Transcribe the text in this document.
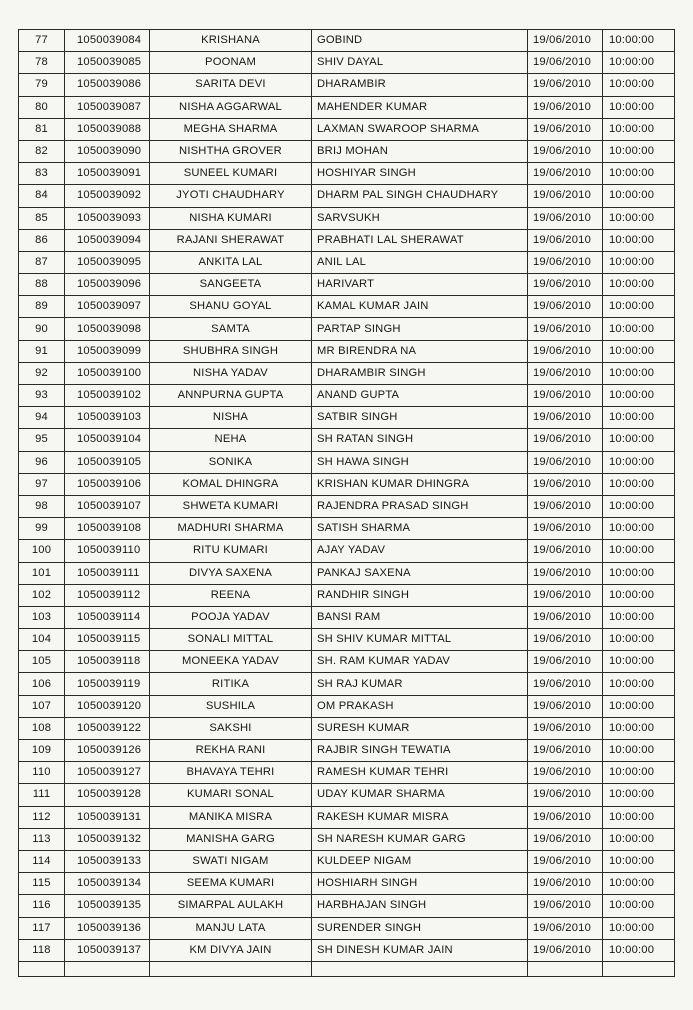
77	1050039084	KRISHANA	GOBIND	19/06/2010	10:00:00
78	1050039085	POONAM	SHIV DAYAL	19/06/2010	10:00:00
79	1050039086	SARITA DEVI	DHARAMBIR	19/06/2010	10:00:00
80	1050039087	NISHA AGGARWAL	MAHENDER KUMAR	19/06/2010	10:00:00
81	1050039088	MEGHA SHARMA	LAXMAN SWAROOP SHARMA	19/06/2010	10:00:00
82	1050039090	NISHTHA GROVER	BRIJ MOHAN	19/06/2010	10:00:00
83	1050039091	SUNEEL KUMARI	HOSHIYAR SINGH	19/06/2010	10:00:00
84	1050039092	JYOTI CHAUDHARY	DHARM PAL SINGH CHAUDHARY	19/06/2010	10:00:00
85	1050039093	NISHA KUMARI	SARVSUKH	19/06/2010	10:00:00
86	1050039094	RAJANI SHERAWAT	PRABHATI LAL SHERAWAT	19/06/2010	10:00:00
87	1050039095	ANKITA LAL	ANIL LAL	19/06/2010	10:00:00
88	1050039096	SANGEETA	HARIVART	19/06/2010	10:00:00
89	1050039097	SHANU GOYAL	KAMAL KUMAR JAIN	19/06/2010	10:00:00
90	1050039098	SAMTA	PARTAP SINGH	19/06/2010	10:00:00
91	1050039099	SHUBHRA SINGH	MR BIRENDRA NA	19/06/2010	10:00:00
92	1050039100	NISHA YADAV	DHARAMBIR SINGH	19/06/2010	10:00:00
93	1050039102	ANNPURNA GUPTA	ANAND GUPTA	19/06/2010	10:00:00
94	1050039103	NISHA	SATBIR SINGH	19/06/2010	10:00:00
95	1050039104	NEHA	SH RATAN SINGH	19/06/2010	10:00:00
96	1050039105	SONIKA	SH HAWA SINGH	19/06/2010	10:00:00
97	1050039106	KOMAL DHINGRA	KRISHAN KUMAR DHINGRA	19/06/2010	10:00:00
98	1050039107	SHWETA KUMARI	RAJENDRA PRASAD SINGH	19/06/2010	10:00:00
99	1050039108	MADHURI SHARMA	SATISH SHARMA	19/06/2010	10:00:00
100	1050039110	RITU KUMARI	AJAY YADAV	19/06/2010	10:00:00
101	1050039111	DIVYA SAXENA	PANKAJ SAXENA	19/06/2010	10:00:00
102	1050039112	REENA	RANDHIR SINGH	19/06/2010	10:00:00
103	1050039114	POOJA YADAV	BANSI RAM	19/06/2010	10:00:00
104	1050039115	SONALI MITTAL	SH SHIV KUMAR MITTAL	19/06/2010	10:00:00
105	1050039118	MONEEKA YADAV	SH. RAM KUMAR YADAV	19/06/2010	10:00:00
106	1050039119	RITIKA	SH RAJ KUMAR	19/06/2010	10:00:00
107	1050039120	SUSHILA	OM PRAKASH	19/06/2010	10:00:00
108	1050039122	SAKSHI	SURESH KUMAR	19/06/2010	10:00:00
109	1050039126	REKHA RANI	RAJBIR SINGH TEWATIA	19/06/2010	10:00:00
110	1050039127	BHAVAYA TEHRI	RAMESH KUMAR TEHRI	19/06/2010	10:00:00
111	1050039128	KUMARI SONAL	UDAY KUMAR SHARMA	19/06/2010	10:00:00
112	1050039131	MANIKA MISRA	RAKESH KUMAR MISRA	19/06/2010	10:00:00
113	1050039132	MANISHA GARG	SH NARESH KUMAR GARG	19/06/2010	10:00:00
114	1050039133	SWATI NIGAM	KULDEEP NIGAM	19/06/2010	10:00:00
115	1050039134	SEEMA KUMARI	HOSHIARH SINGH	19/06/2010	10:00:00
116	1050039135	SIMARPAL AULAKH	HARBHAJAN SINGH	19/06/2010	10:00:00
117	1050039136	MANJU LATA	SURENDER SINGH	19/06/2010	10:00:00
118	1050039137	KM DIVYA JAIN	SH DINESH KUMAR JAIN	19/06/2010	10:00:00
